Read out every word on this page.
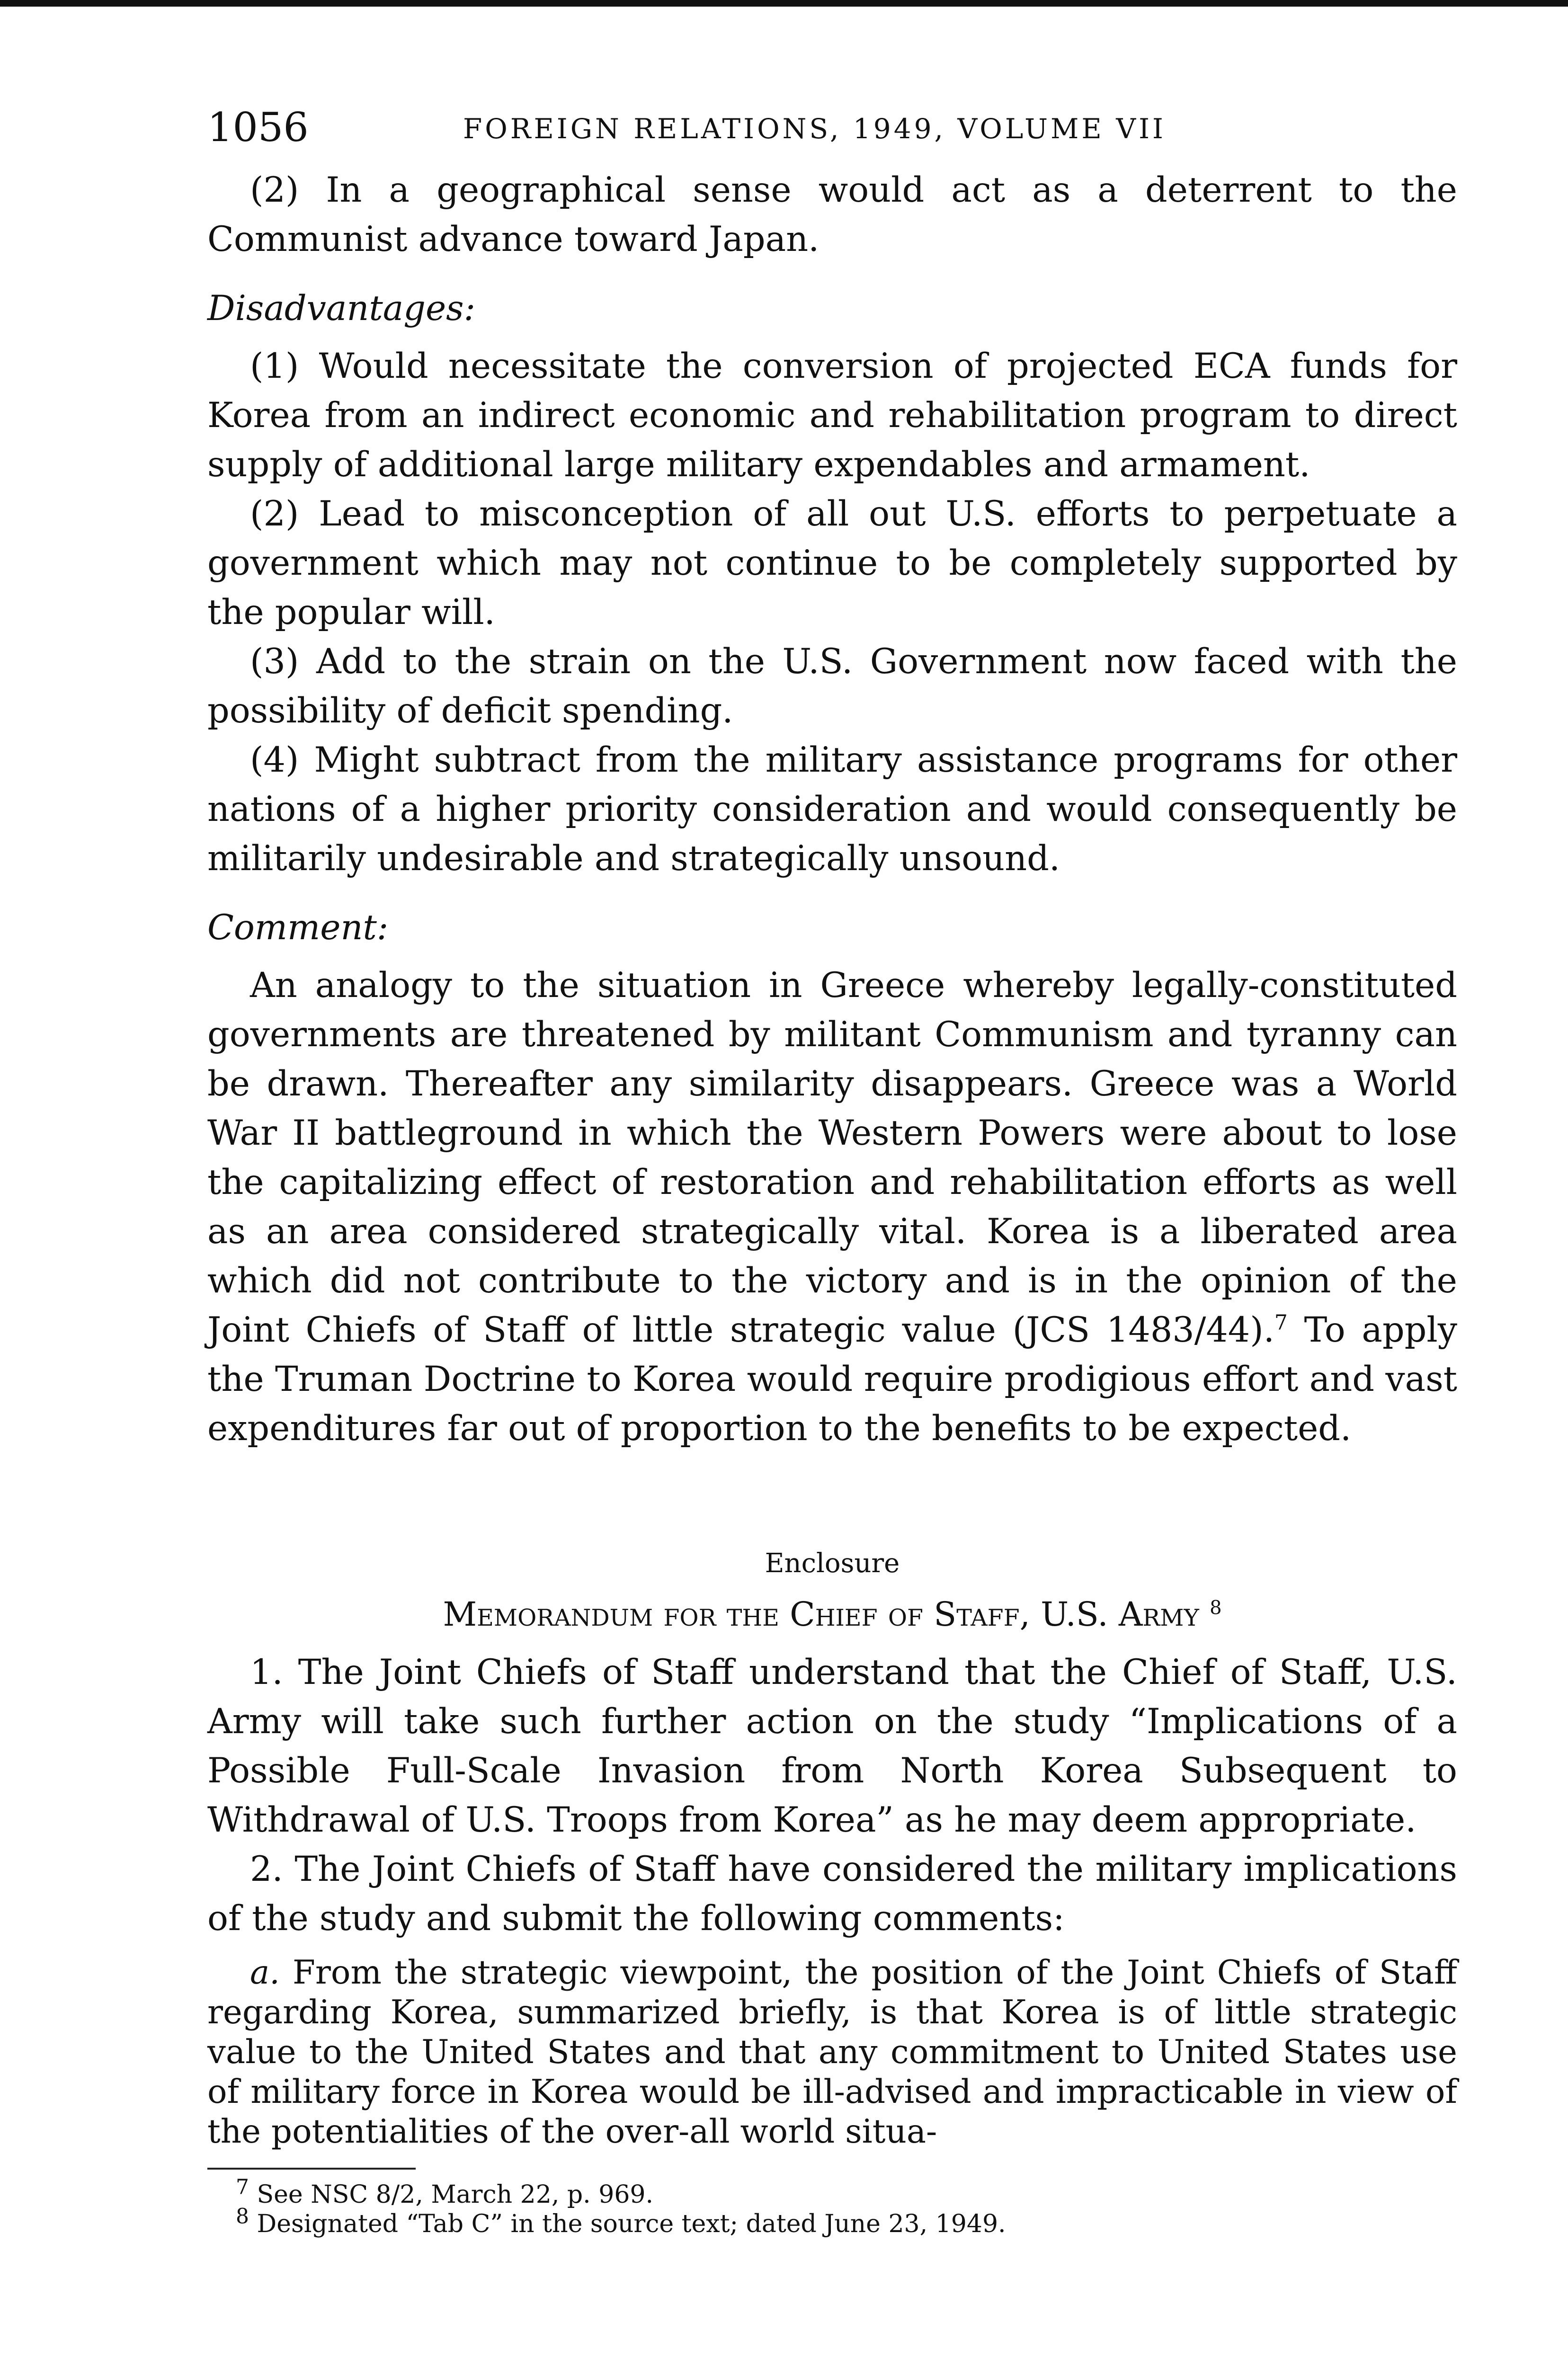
1056	FOREIGN RELATIONS, 1949, VOLUME VII

(2) In a geographical sense would act as a deterrent to the Communist advance toward Japan.

Disadvantages:

(1) Would necessitate the conversion of projected ECA funds for Korea from an indirect economic and rehabilitation program to direct supply of additional large military expendables and armament.

(2) Lead to misconception of all out U.S. efforts to perpetuate a government which may not continue to be completely supported by the popular will.

(3) Add to the strain on the U.S. Government now faced with the possibility of deficit spending.

(4) Might subtract from the military assistance programs for other nations of a higher priority consideration and would consequently be militarily undesirable and strategically unsound.

Comment:

An analogy to the situation in Greece whereby legally-constituted governments are threatened by militant Communism and tyranny can be drawn. Thereafter any similarity disappears. Greece was a World War II battleground in which the Western Powers were about to lose the capitalizing effect of restoration and rehabilitation efforts as well as an area considered strategically vital. Korea is a liberated area which did not contribute to the victory and is in the opinion of the Joint Chiefs of Staff of little strategic value (JCS 1483/44).$^7$ To apply the Truman Doctrine to Korea would require prodigious effort and vast expenditures far out of proportion to the benefits to be expected.

Enclosure
Memorandum for the Chief of Staff, U.S. Army $^8$

1. The Joint Chiefs of Staff understand that the Chief of Staff, U.S. Army will take such further action on the study “Implications of a Possible Full-Scale Invasion from North Korea Subsequent to Withdrawal of U.S. Troops from Korea” as he may deem appropriate.

2. The Joint Chiefs of Staff have considered the military implications of the study and submit the following comments:

a. From the strategic viewpoint, the position of the Joint Chiefs of Staff regarding Korea, summarized briefly, is that Korea is of little strategic value to the United States and that any commitment to United States use of military force in Korea would be ill-advised and impracticable in view of the potentialities of the over-all world situa-

$^7$ See NSC 8/2, March 22, p. 969.
$^8$ Designated “Tab C” in the source text; dated June 23, 1949.
